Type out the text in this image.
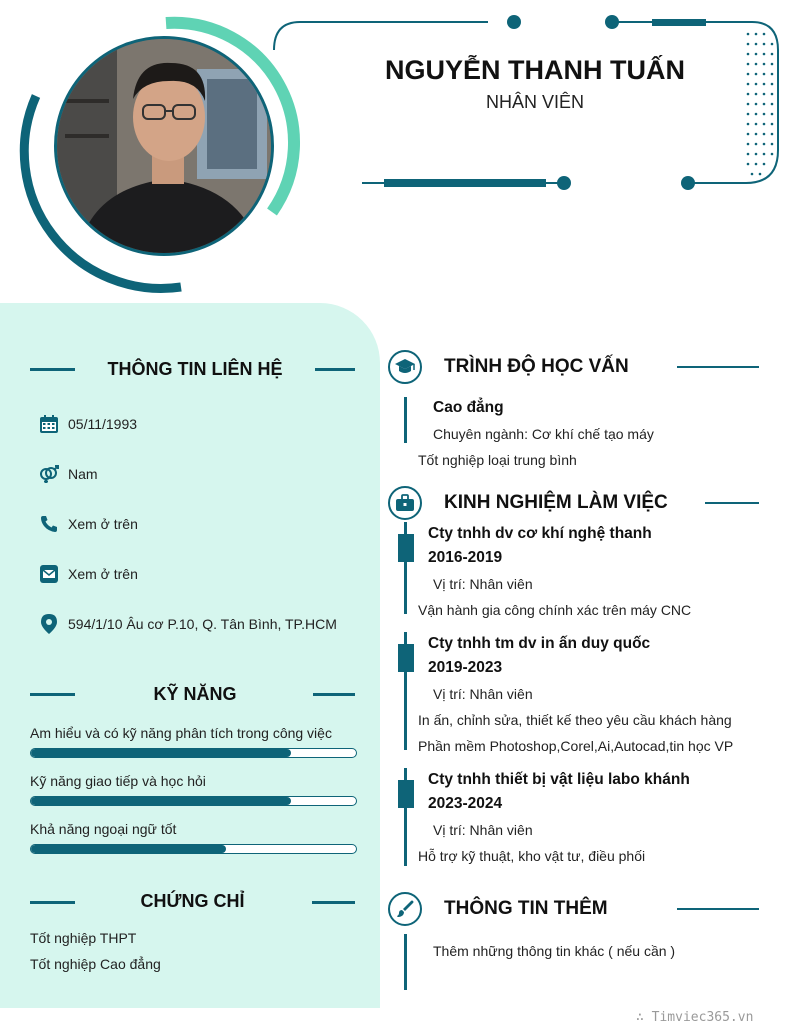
NGUYỄN THANH TUẤN
NHÂN VIÊN
THÔNG TIN LIÊN HỆ
05/11/1993
Nam
Xem ở trên
Xem ở trên
594/1/10 Âu cơ P.10, Q. Tân Bình, TP.HCM
KỸ NĂNG
Am hiểu và có kỹ năng phân tích trong công việc
Kỹ năng giao tiếp và học hỏi
Khả năng ngoại ngữ tốt
CHỨNG CHỈ
Tốt nghiệp THPT
Tốt nghiệp Cao đẳng
TRÌNH ĐỘ HỌC VẤN
Cao đẳng
Chuyên ngành: Cơ khí chế tạo máy
Tốt nghiệp loại trung bình
KINH NGHIỆM LÀM VIỆC
Cty tnhh dv cơ khí nghệ thanh
2016-2019
Vị trí: Nhân viên
Vận hành gia công chính xác trên máy CNC
Cty tnhh tm dv in ấn duy quốc
2019-2023
Vị trí: Nhân viên
In ấn, chỉnh sửa, thiết kế theo yêu cầu khách hàng
Phần mềm Photoshop,Corel,Ai,Autocad,tin học VP
Cty tnhh thiết bị vật liệu labo khánh
2023-2024
Vị trí: Nhân viên
Hỗ trợ kỹ thuật, kho vật tư, điều phối
THÔNG TIN THÊM
Thêm những thông tin khác ( nếu cần )
∴ Timviec365.vn
